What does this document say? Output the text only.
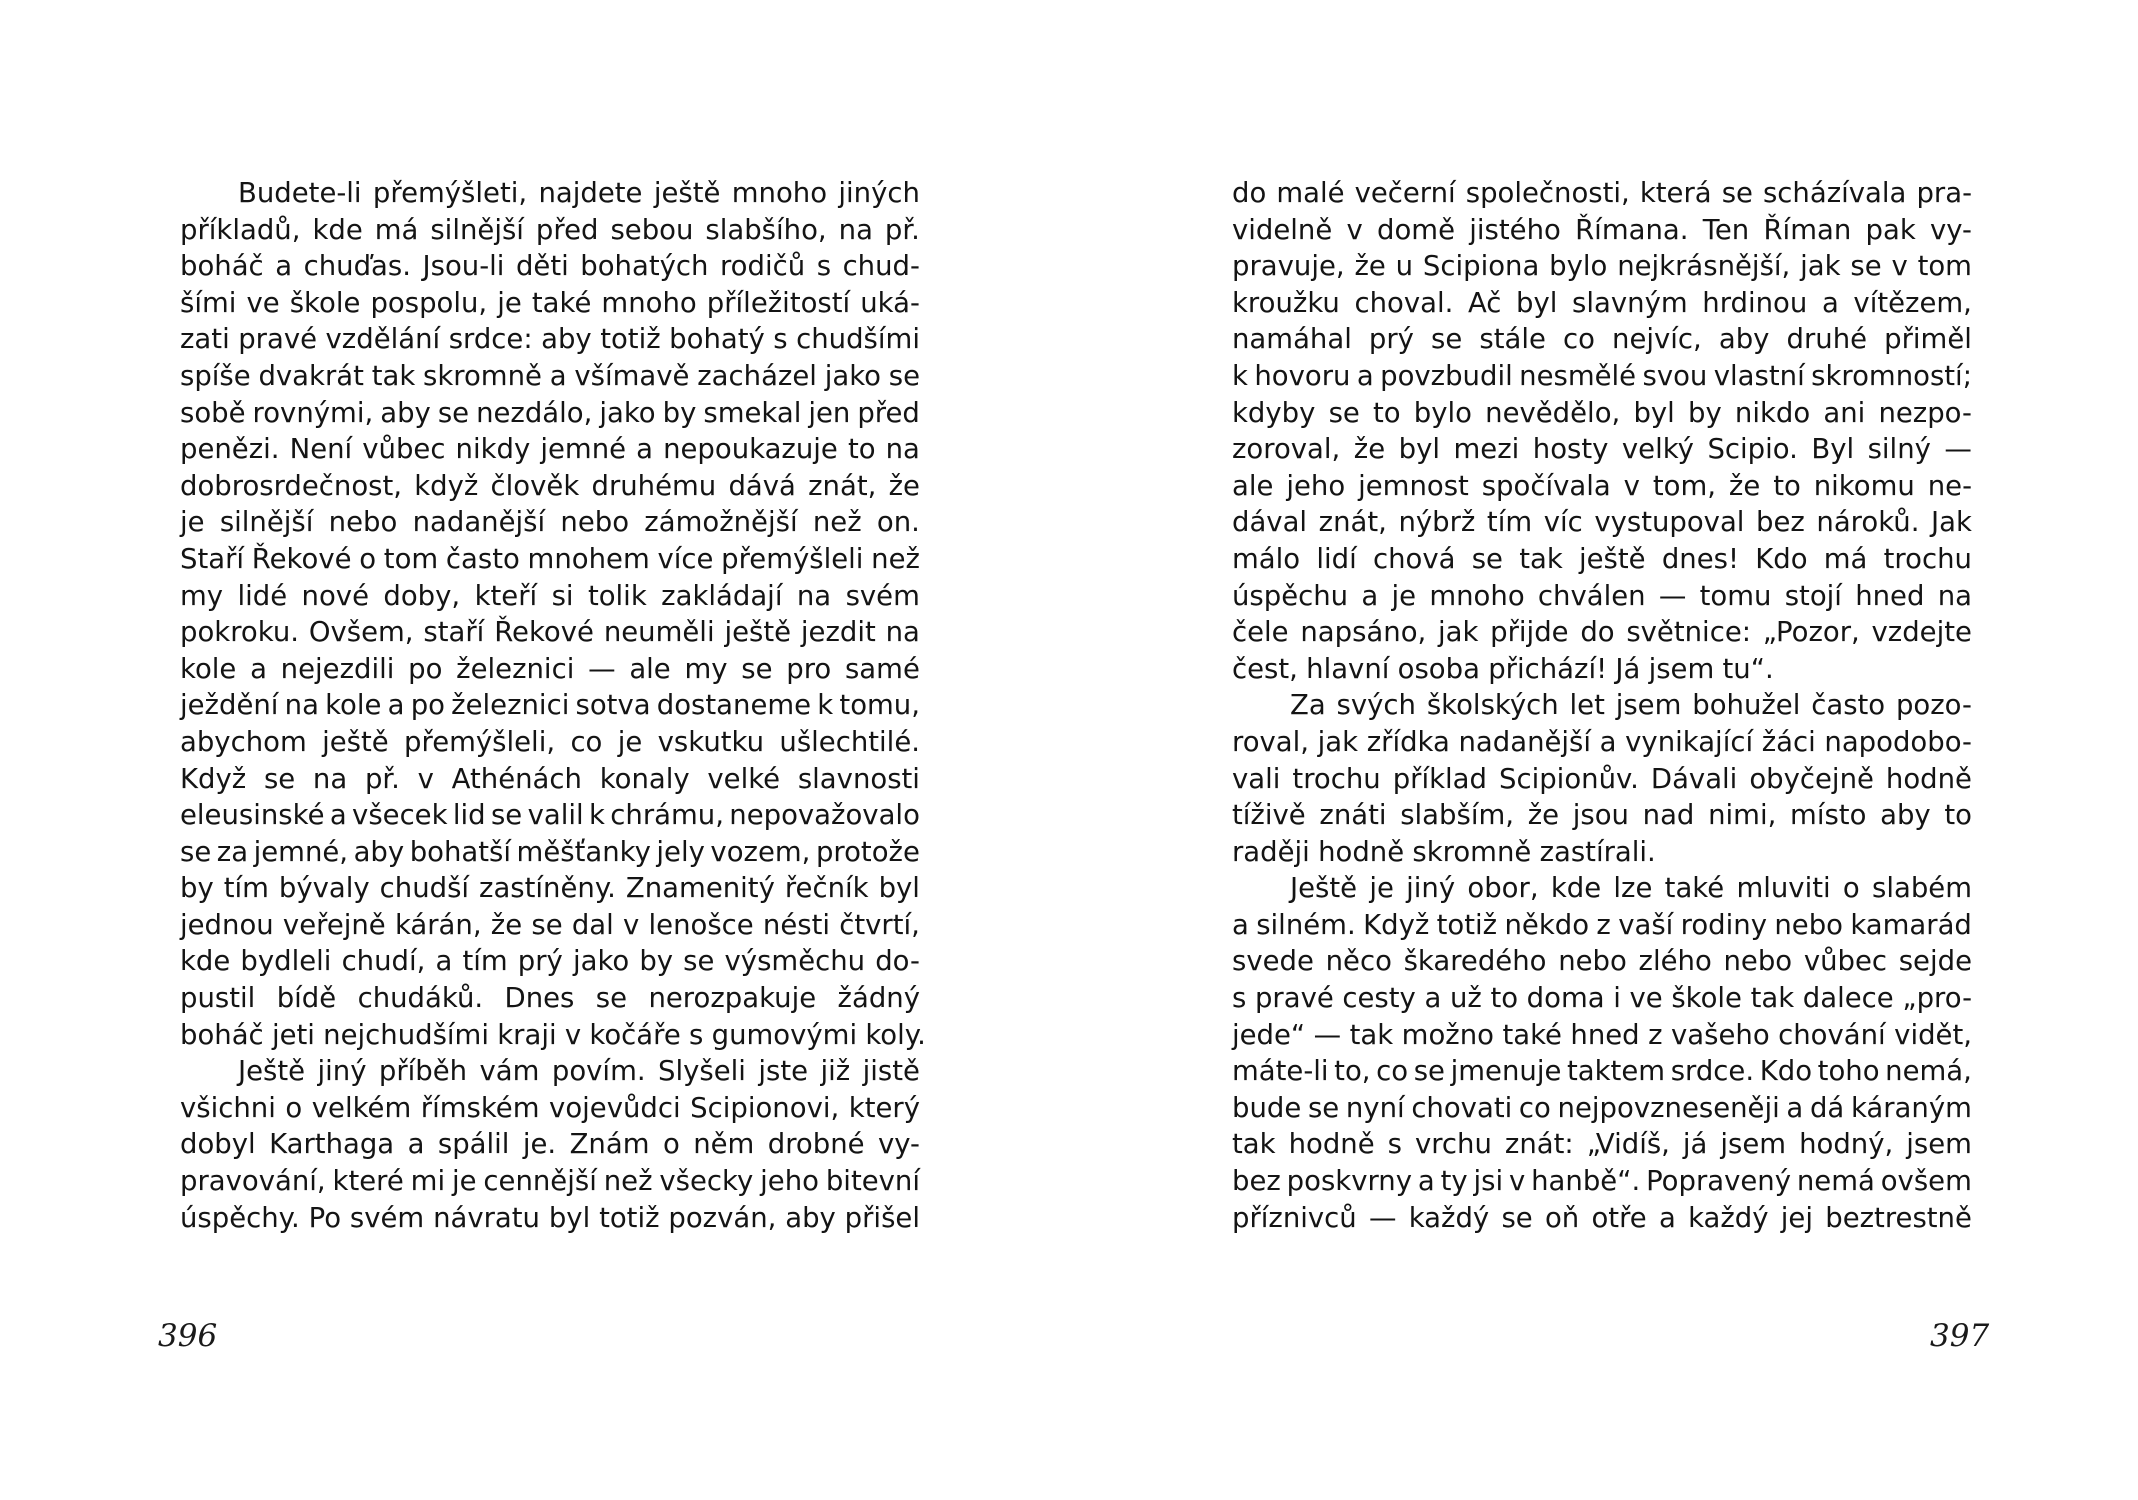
Budete-li přemýšleti, najdete ještě mnoho jiných
příkladů, kde má silnější před sebou slabšího, na př.
boháč a chuďas. Jsou-li děti bohatých rodičů s chud-
šími ve škole pospolu, je také mnoho příležitostí uká-
zati pravé vzdělání srdce: aby totiž bohatý s chudšími
spíše dvakrát tak skromně a všímavě zacházel jako se
sobě rovnými, aby se nezdálo, jako by smekal jen před
penězi. Není vůbec nikdy jemné a nepoukazuje to na
dobrosrdečnost, když člověk druhému dává znát, že
je silnější nebo nadanější nebo zámožnější než on.
Staří Řekové o tom často mnohem více přemýšleli než
my lidé nové doby, kteří si tolik zakládají na svém
pokroku. Ovšem, staří Řekové neuměli ještě jezdit na
kole a nejezdili po železnici — ale my se pro samé
ježdění na kole a po železnici sotva dostaneme k tomu,
abychom ještě přemýšleli, co je vskutku ušlechtilé.
Když se na př. v Athénách konaly velké slavnosti
eleusinské a všecek lid se valil k chrámu, nepovažovalo
se za jemné, aby bohatší měšťanky jely vozem, protože
by tím bývaly chudší zastíněny. Znamenitý řečník byl
jednou veřejně kárán, že se dal v lenošce nésti čtvrtí,
kde bydleli chudí, a tím prý jako by se výsměchu do-
pustil bídě chudáků. Dnes se nerozpakuje žádný
boháč jeti nejchudšími kraji v kočáře s gumovými koly.
Ještě jiný příběh vám povím. Slyšeli jste již jistě
všichni o velkém římském vojevůdci Scipionovi, který
dobyl Karthaga a spálil je. Znám o něm drobné vy-
pravování, které mi je cennější než všecky jeho bitevní
úspěchy. Po svém návratu byl totiž pozván, aby přišel
396
do malé večerní společnosti, která se scházívala pra-
videlně v domě jistého Římana. Ten Říman pak vy-
pravuje, že u Scipiona bylo nejkrásnější, jak se v tom
kroužku choval. Ač byl slavným hrdinou a vítězem,
namáhal prý se stále co nejvíc, aby druhé přiměl
k hovoru a povzbudil nesmělé svou vlastní skromností;
kdyby se to bylo nevědělo, byl by nikdo ani nezpo-
zoroval, že byl mezi hosty velký Scipio. Byl silný —
ale jeho jemnost spočívala v tom, že to nikomu ne-
dával znát, nýbrž tím víc vystupoval bez nároků. Jak
málo lidí chová se tak ještě dnes! Kdo má trochu
úspěchu a je mnoho chválen — tomu stojí hned na
čele napsáno, jak přijde do světnice: „Pozor, vzdejte
čest, hlavní osoba přichází! Já jsem tu“.
Za svých školských let jsem bohužel často pozo-
roval, jak zřídka nadanější a vynikající žáci napodobo-
vali trochu příklad Scipionův. Dávali obyčejně hodně
tíživě znáti slabším, že jsou nad nimi, místo aby to
raději hodně skromně zastírali.
Ještě je jiný obor, kde lze také mluviti o slabém
a silném. Když totiž někdo z vaší rodiny nebo kamarád
svede něco škaredého nebo zlého nebo vůbec sejde
s pravé cesty a už to doma i ve škole tak dalece „pro-
jede“ — tak možno také hned z vašeho chování vidět,
máte-li to, co se jmenuje taktem srdce. Kdo toho nemá,
bude se nyní chovati co nejpovzneseněji a dá káraným
tak hodně s vrchu znát: „Vidíš, já jsem hodný, jsem
bez poskvrny a ty jsi v hanbě“. Popravený nemá ovšem
příznivců — každý se oň otře a každý jej beztrestně
397
